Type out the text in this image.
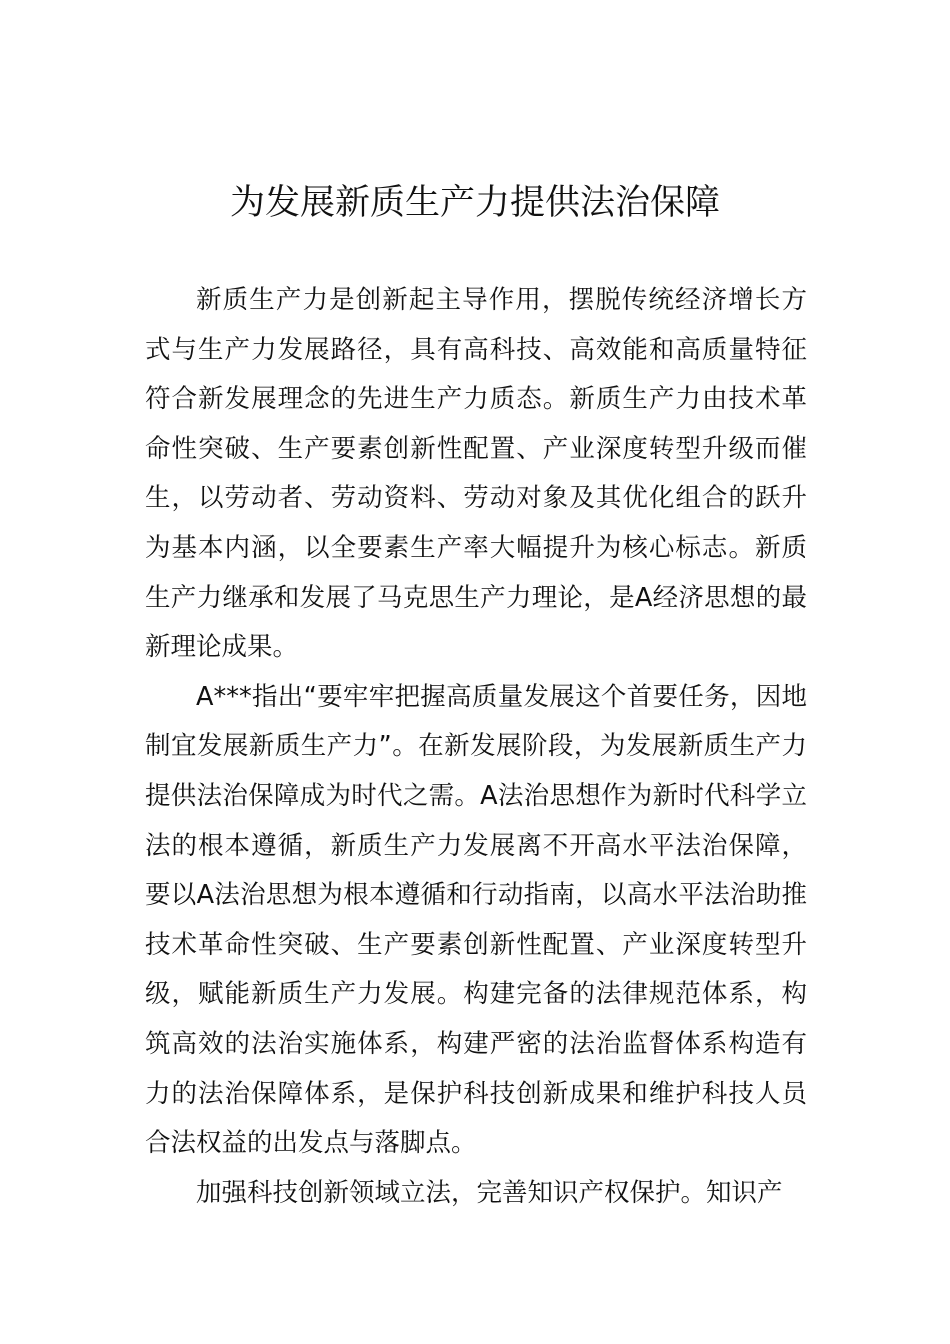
为发展新质生产力提供法治保障

新质生产力是创新起主导作用，摆脱传统经济增长方式与生产力发展路径，具有高科技、高效能和高质量特征符合新发展理念的先进生产力质态。新质生产力由技术革命性突破、生产要素创新性配置、产业深度转型升级而催生，以劳动者、劳动资料、劳动对象及其优化组合的跃升为基本内涵，以全要素生产率大幅提升为核心标志。新质生产力继承和发展了马克思生产力理论，是A经济思想的最新理论成果。

A***指出“要牢牢把握高质量发展这个首要任务，因地制宜发展新质生产力”。在新发展阶段，为发展新质生产力提供法治保障成为时代之需。A法治思想作为新时代科学立法的根本遵循，新质生产力发展离不开高水平法治保障，要以A法治思想为根本遵循和行动指南，以高水平法治助推技术革命性突破、生产要素创新性配置、产业深度转型升级，赋能新质生产力发展。构建完备的法律规范体系，构筑高效的法治实施体系，构建严密的法治监督体系构造有力的法治保障体系，是保护科技创新成果和维护科技人员合法权益的出发点与落脚点。

加强科技创新领域立法，完善知识产权保护。知识产
